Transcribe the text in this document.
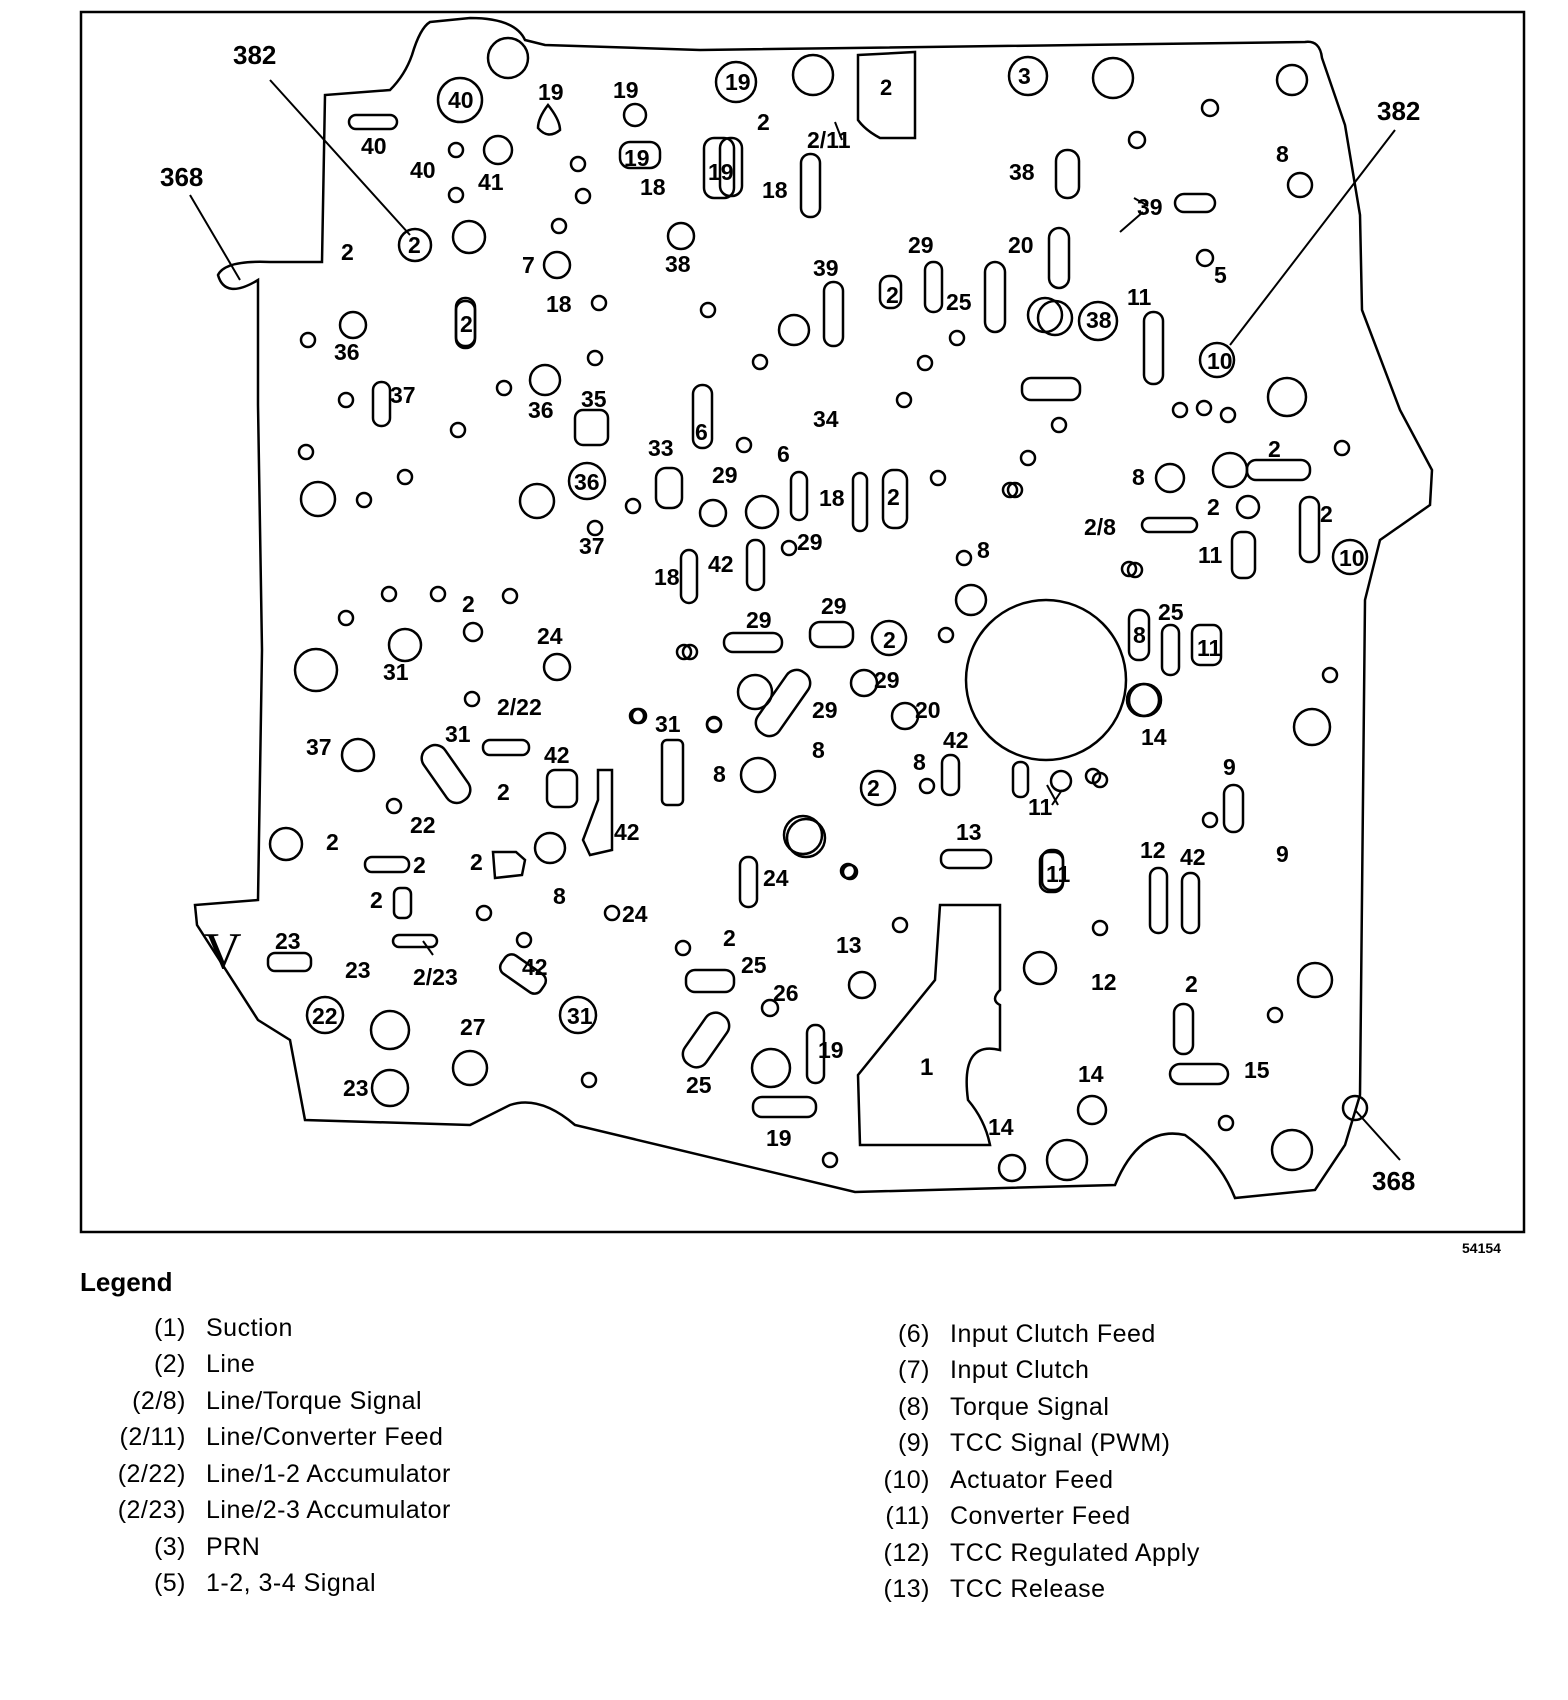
1
2
V
382
382
368
368
40
19	3
19 19
2
2/11
40
40 41
19
18
19
18
38
39
8
2 2
7
18
38	39
29	20
5
11
2 25
2	38
10
36
37
36 35
34
2
6
33	6
36	29	8
2	2
18 2
2/8
37	29
42
18
11	10
8
2	25
8 11
24
29
29
2
31
2/22
29
20
31
29
37	31	14
42
42	8
8	8	9
2	2
11
22	42
2
2 2
13
9
12 42
24
2	8
24
11
2
23	13
25
23 2/23	42
12	2
26
22	31
27
19
15
14
25
23
19	14
54154
Legend
(1) Suction
(2) Line
(2/8) Line/Torque Signal
(2/11) Line/Converter Feed
(2/22) Line/1-2 Accumulator
(2/23) Line/2-3 Accumulator
(3) PRN
(5) 1-2, 3-4 Signal
(6) Input Clutch Feed
(7) Input Clutch
(8) Torque Signal
(9) TCC Signal (PWM)
(10) Actuator Feed
(11) Converter Feed
(12) TCC Regulated Apply
(13) TCC Release
